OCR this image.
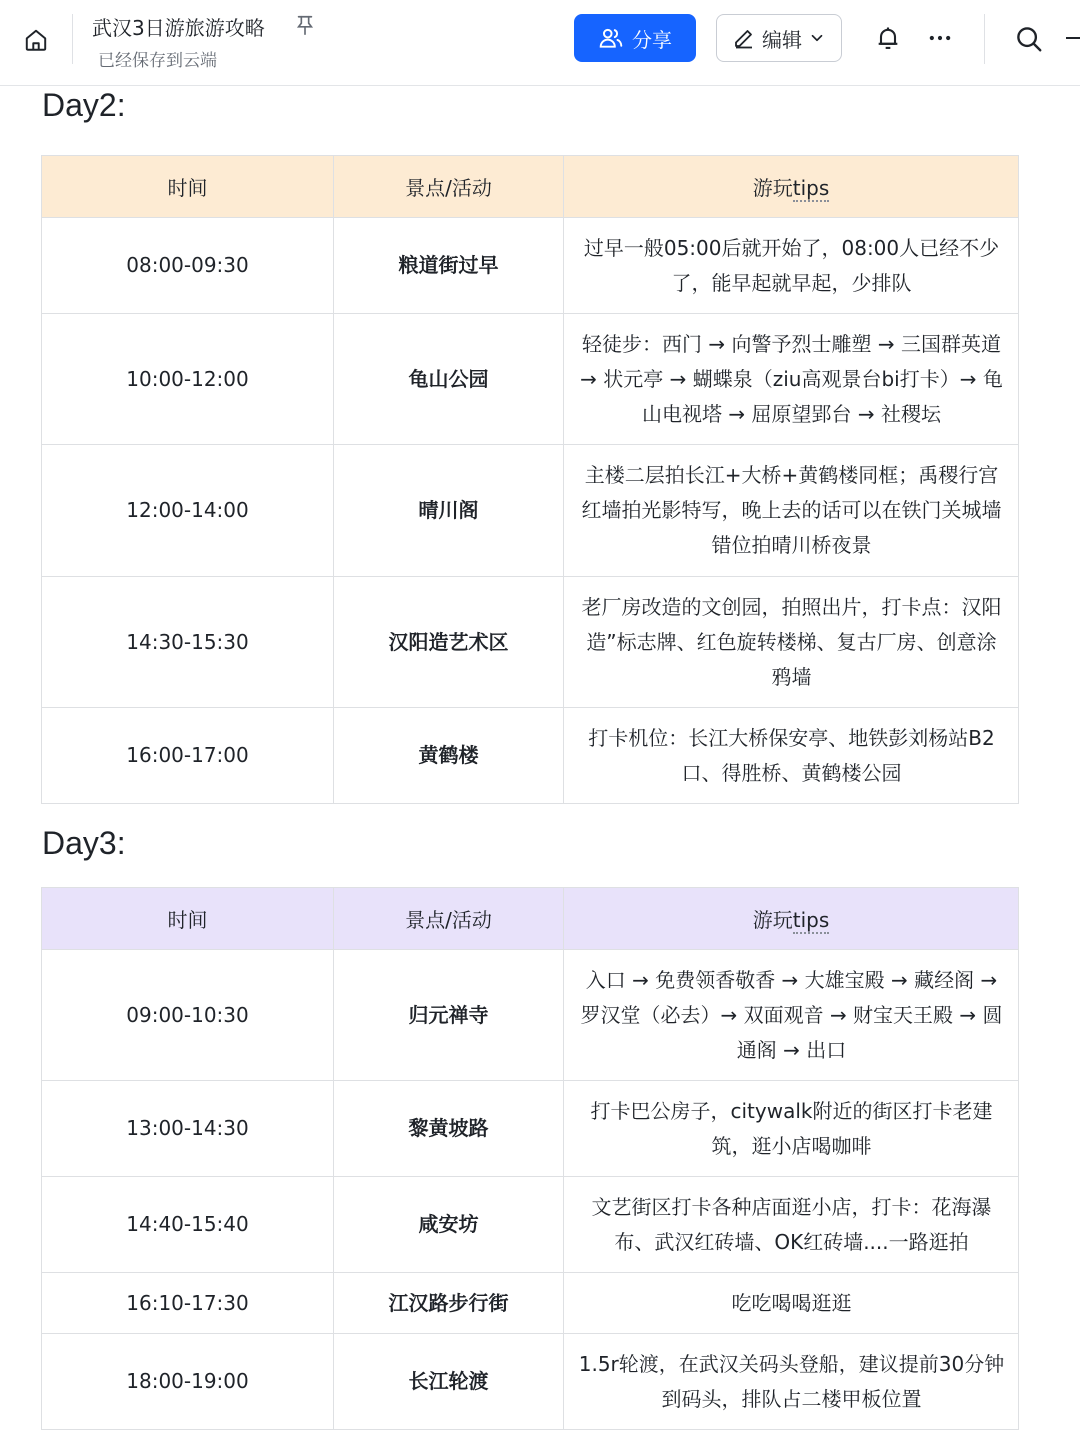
武汉3日游旅游攻略
已经保存到云端
分享	编辑
Day2:
时间	景点/活动	游玩tips
08:00-09:30	粮道街过早	过早一般05:00后就开始了，08:00人已经不少了，能早起就早起，少排队
10:00-12:00	龟山公园	轻徒步：西门 → 向警予烈士雕塑 → 三国群英道 → 状元亭 → 蝴蝶泉（ziu高观景台bi打卡）→ 龟山电视塔 → 屈原望郢台 → 社稷坛
12:00-14:00	晴川阁	主楼二层拍长江+大桥+黄鹤楼同框；禹稷行宫红墙拍光影特写，晚上去的话可以在铁门关城墙错位拍晴川桥夜景
14:30-15:30	汉阳造艺术区	老厂房改造的文创园，拍照出片，打卡点：汉阳造”标志牌、红色旋转楼梯、复古厂房、创意涂鸦墙
16:00-17:00	黄鹤楼	打卡机位：长江大桥保安亭、地铁彭刘杨站B2口、得胜桥、黄鹤楼公园
Day3:
时间	景点/活动	游玩tips
09:00-10:30	归元禅寺	入口 → 免费领香敬香 → 大雄宝殿 → 藏经阁 → 罗汉堂（必去）→ 双面观音 → 财宝天王殿 → 圆通阁 → 出口
13:00-14:30	黎黄坡路	打卡巴公房子，citywalk附近的街区打卡老建筑，逛小店喝咖啡
14:40-15:40	咸安坊	文艺街区打卡各种店面逛小店，打卡：花海瀑布、武汉红砖墙、OK红砖墙....一路逛拍
16:10-17:30	江汉路步行街	吃吃喝喝逛逛
18:00-19:00	长江轮渡	1.5r轮渡，在武汉关码头登船，建议提前30分钟到码头，排队占二楼甲板位置
